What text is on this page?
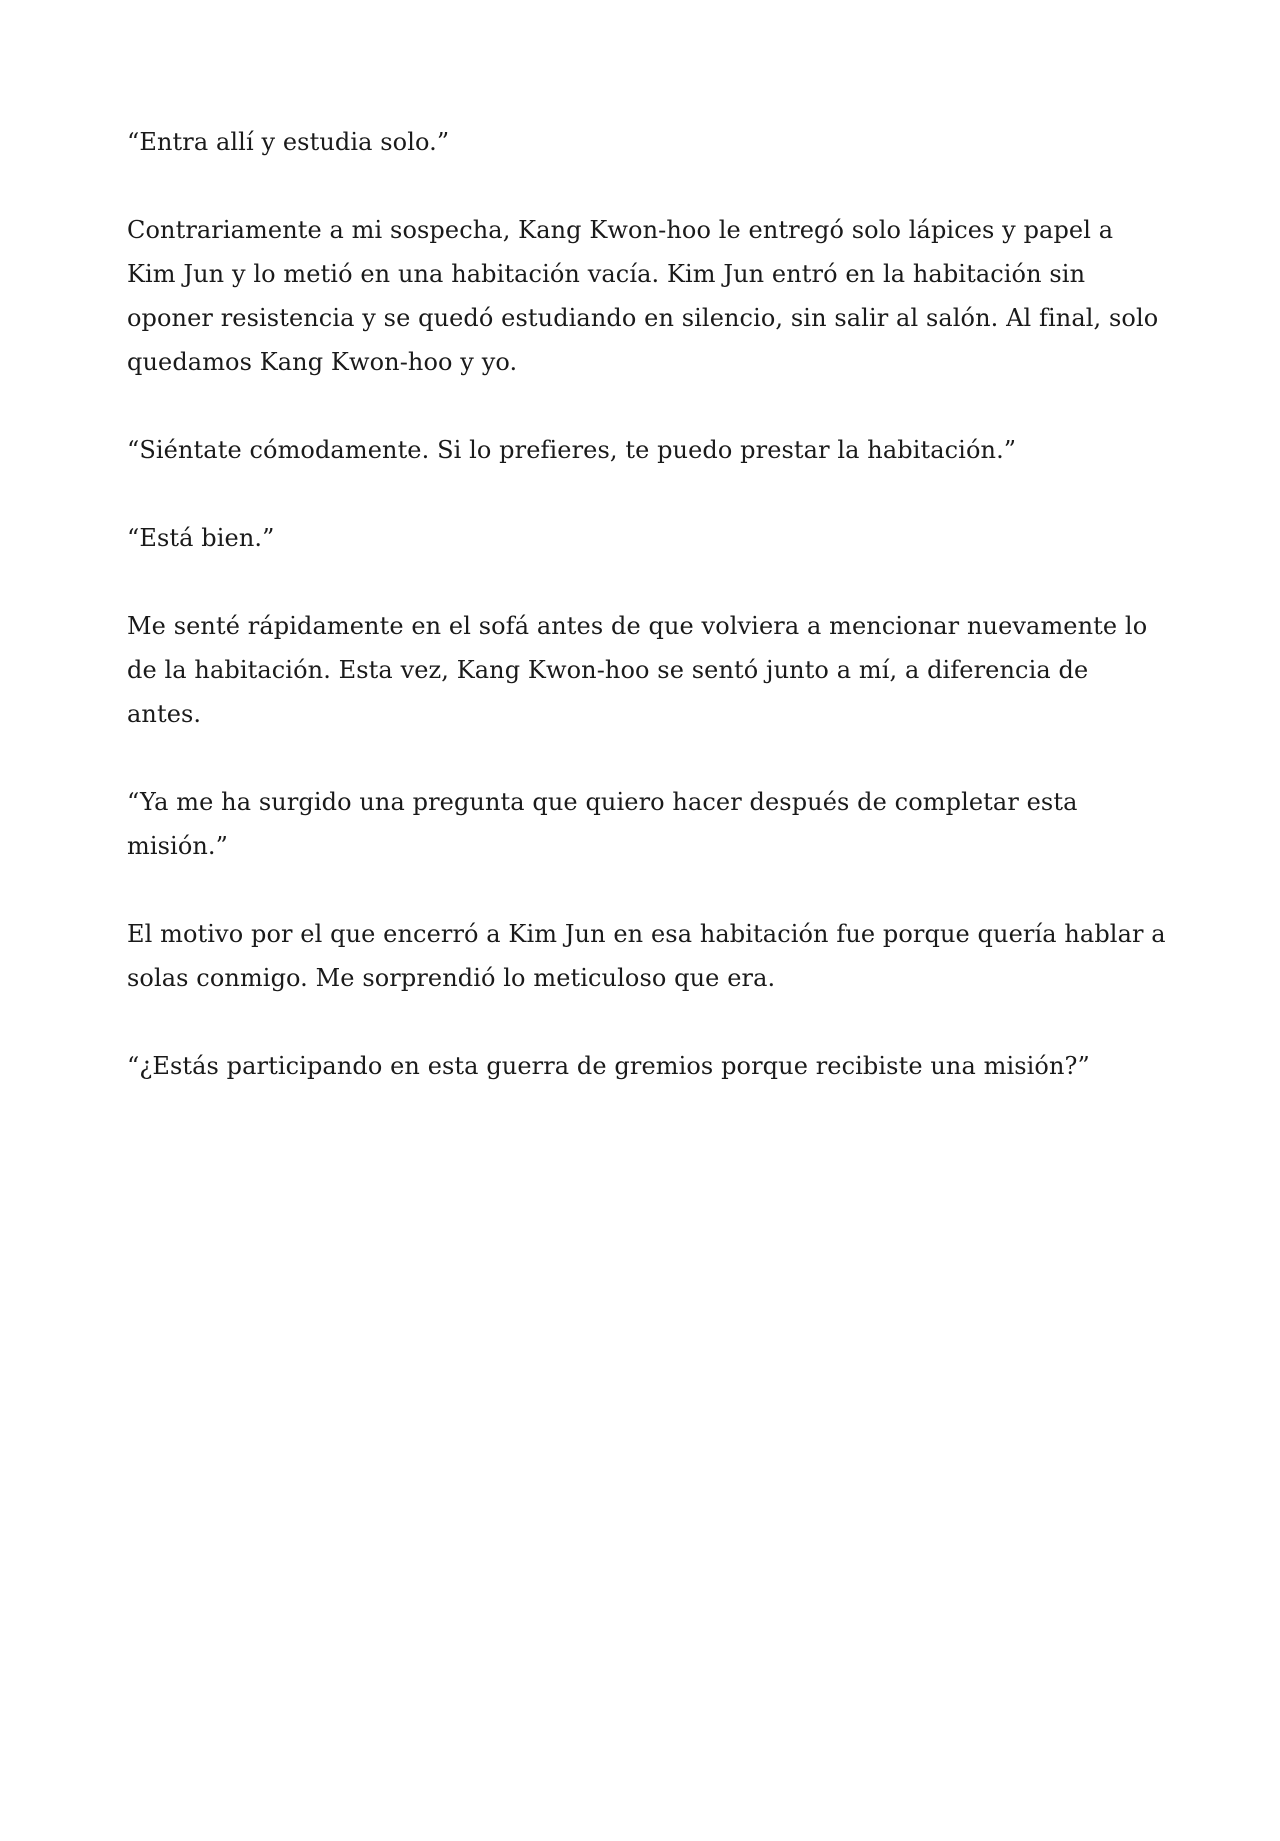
“Entra allí y estudia solo.”

Contrariamente a mi sospecha, Kang Kwon-hoo le entregó solo lápices y papel a Kim Jun y lo metió en una habitación vacía. Kim Jun entró en la habitación sin oponer resistencia y se quedó estudiando en silencio, sin salir al salón. Al final, solo quedamos Kang Kwon-hoo y yo.

“Siéntate cómodamente. Si lo prefieres, te puedo prestar la habitación.”

“Está bien.”

Me senté rápidamente en el sofá antes de que volviera a mencionar nuevamente lo de la habitación. Esta vez, Kang Kwon-hoo se sentó junto a mí, a diferencia de antes.

“Ya me ha surgido una pregunta que quiero hacer después de completar esta misión.”

El motivo por el que encerró a Kim Jun en esa habitación fue porque quería hablar a solas conmigo. Me sorprendió lo meticuloso que era.

“¿Estás participando en esta guerra de gremios porque recibiste una misión?”
